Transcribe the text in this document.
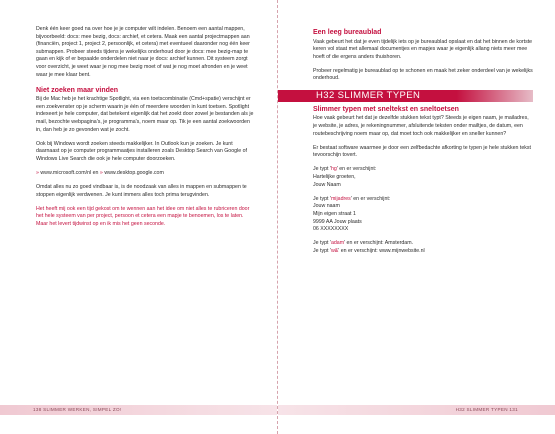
Denk één keer goed na over hoe je je computer wilt indelen. Benoem een aantal mappen, bijvoorbeeld: docs: mee bezig, docs: archief, et cetera. Maak een aantal projectmappen aan (financiën, project 1, project 2, persoonlijk, et cetera) met eventueel daaronder nog één keer submappen. Probeer steeds tijdens je wekelijks onderhoud door je docs: mee bezig-map te gaan en kijk of er bepaalde onderdelen niet naar je docs: archief kunnen. Dit systeem zorgt voor overzicht, je weet waar je nog mee bezig moet of wat je nog moet afronden en je weet waar je mee klaar bent.

Niet zoeken maar vinden

Bij de Mac heb je het krachtige Spotlight, via een toetscombinatie (Cmd+spatie) verschijnt er een zoekvenster op je scherm waarin je één of meerdere woorden in kunt toetsen. Spotlight indexeert je hele computer, dat betekent eigenlijk dat het zoekt door zowel je bestanden als je mail, bezochte webpagina's, je programma's, noem maar op. Tik je een aantal zoekwoorden in, dan heb je zo gevonden wat je zocht.

Ook bij Windows wordt zoeken steeds makkelijker. In Outlook kun je zoeken. Je kunt daarnaast op je computer programmaatjes installeren zoals Desktop Search van Google of Windows Live Search die ook je hele computer doorzoeken.

» www.microsoft.com/nl en » www.desktop.google.com

Omdat alles nu zo goed vindbaar is, is de noodzaak van alles in mappen en submappen te stoppen eigenlijk verdwenen. Je kunt immers alles toch prima terugvinden.

Het heeft mij ook een tijd gekost om te wennen aan het idee om niet alles te rubriceren door het hele systeem van per project, persoon et cetera een mapje te benoemen, los te laten. Maar het levert tijdwinst op en ik mis het geen seconde.

Een leeg bureaublad

Vaak gebeurt het dat je even tijdelijk iets op je bureaublad opslaat en dat het binnen de kortste keren vol staat met allemaal documentjes en mapjes waar je eigenlijk allang niets meer mee hoeft of die ergens anders thuishoren.

Probeer regelmatig je bureaublad op te schonen en maak het zeker onderdeel van je wekelijks onderhoud.

H32 SLIMMER TYPEN
Slimmer typen met sneltekst en sneltoetsen

Hoe vaak gebeurt het dat je dezelfde stukken tekst typt? Steeds je eigen naam, je mailadres, je website, je adres, je rekeningnummer, afsluitende teksten onder mailtjes, de datum, een routebeschrijving noem maar op, dat moet toch ook makkelijker en sneller kunnen?

Er bestaat software waarmee je door een zelfbedachte afkorting te typen je hele stukken tekst tevoorschijn tovert.

Je typt 'hg' en er verschijnt:
Hartelijke groeten,
Jouw Naam

Je typt 'mijadres' en er verschijnt:
Jouw naam
Mijn eigen straat 1
9999 AA Jouw plaats
06 XXXXXXXX

Je typt 'adam' en er verschijnt: Amsterdam.
Je typt 'w&' en er verschijnt: www.mijnwebsite.nl

138 SLIMMER WERKEN, SIMPEL ZO!	H32 SLIMMER TYPEN 131
